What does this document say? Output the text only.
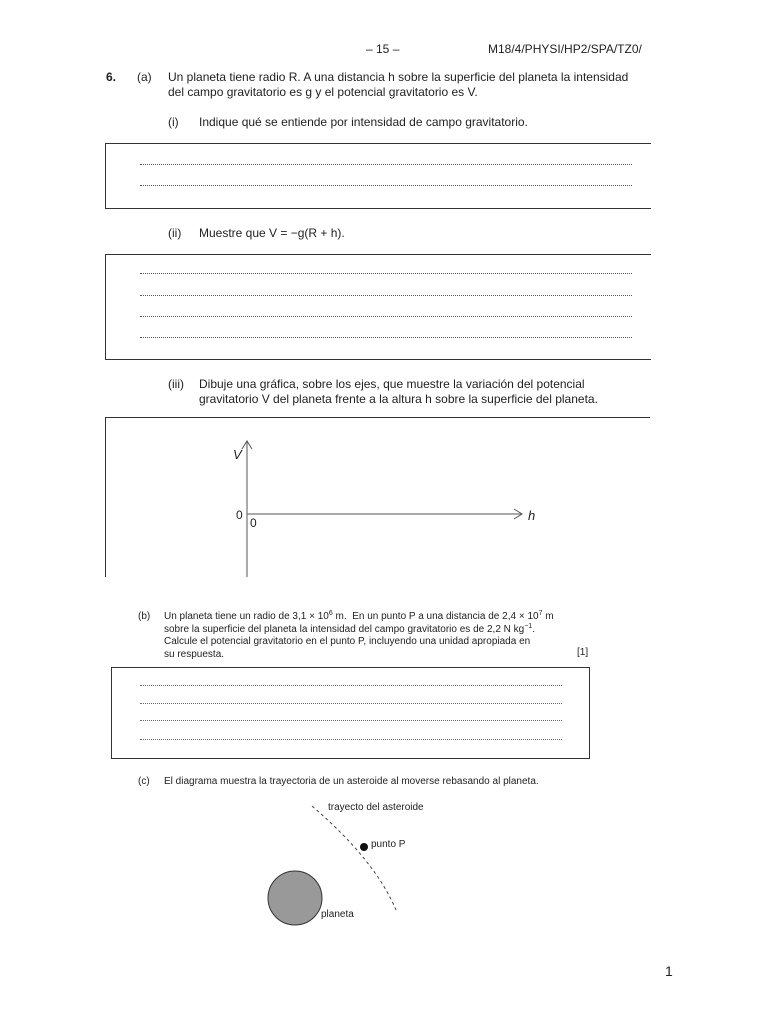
– 15 –	M18/4/PHYSI/HP2/SPA/TZ0/
6. (a) Un planeta tiene radio R. A una distancia h sobre la superficie del planeta la intensidad
del campo gravitatorio es g y el potencial gravitatorio es V.
(i) Indique qué se entiende por intensidad de campo gravitatorio.
(ii) Muestre que V = −g(R + h).
(iii) Dibuje una gráfica, sobre los ejes, que muestre la variación del potencial
gravitatorio V del planeta frente a la altura h sobre la superficie del planeta.
V
h
0
0
(b) Un planeta tiene un radio de $3,1 \times 10^6$ m.  En un punto P a una distancia de $2,4 \times 10^7$ m
sobre la superficie del planeta la intensidad del campo gravitatorio es de 2,2 N $kg^{-1}$.
Calcule el potencial gravitatorio en el punto P, incluyendo una unidad apropiada en
su respuesta.	[1]
(c) El diagrama muestra la trayectoria de un asteroide al moverse rebasando al planeta.
trayecto del asteroide
punto P
planeta
1
